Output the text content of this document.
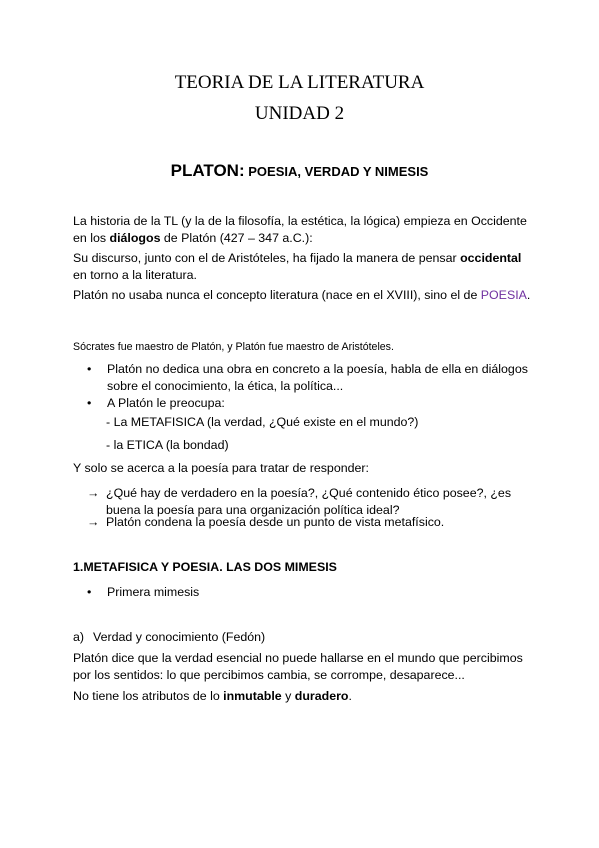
TEORIA DE LA LITERATURA
UNIDAD 2
PLATON: POESIA, VERDAD Y NIMESIS

La historia de la TL (y la de la filosofía, la estética, la lógica) empieza en Occidente en los diálogos de Platón (427 – 347 a.C.):

Su discurso, junto con el de Aristóteles, ha fijado la manera de pensar occidental en torno a la literatura.

Platón no usaba nunca el concepto literatura (nace en el XVIII), sino el de POESIA.

Sócrates fue maestro de Platón, y Platón fue maestro de Aristóteles.

• Platón no dedica una obra en concreto a la poesía, habla de ella en diálogos sobre el conocimiento, la ética, la política...
• A Platón le preocupa:

- La METAFISICA (la verdad, ¿Qué existe en el mundo?)

- la ETICA (la bondad)

Y solo se acerca a la poesía para tratar de responder:

→ ¿Qué hay de verdadero en la poesía?, ¿Qué contenido ético posee?, ¿es buena la poesía para una organización política ideal?
→ Platón condena la poesía desde un punto de vista metafísico.

1.METAFISICA Y POESIA. LAS DOS MIMESIS

• Primera mimesis
a) Verdad y conocimiento (Fedón)

Platón dice que la verdad esencial no puede hallarse en el mundo que percibimos por los sentidos: lo que percibimos cambia, se corrompe, desaparece...

No tiene los atributos de lo inmutable y duradero.
